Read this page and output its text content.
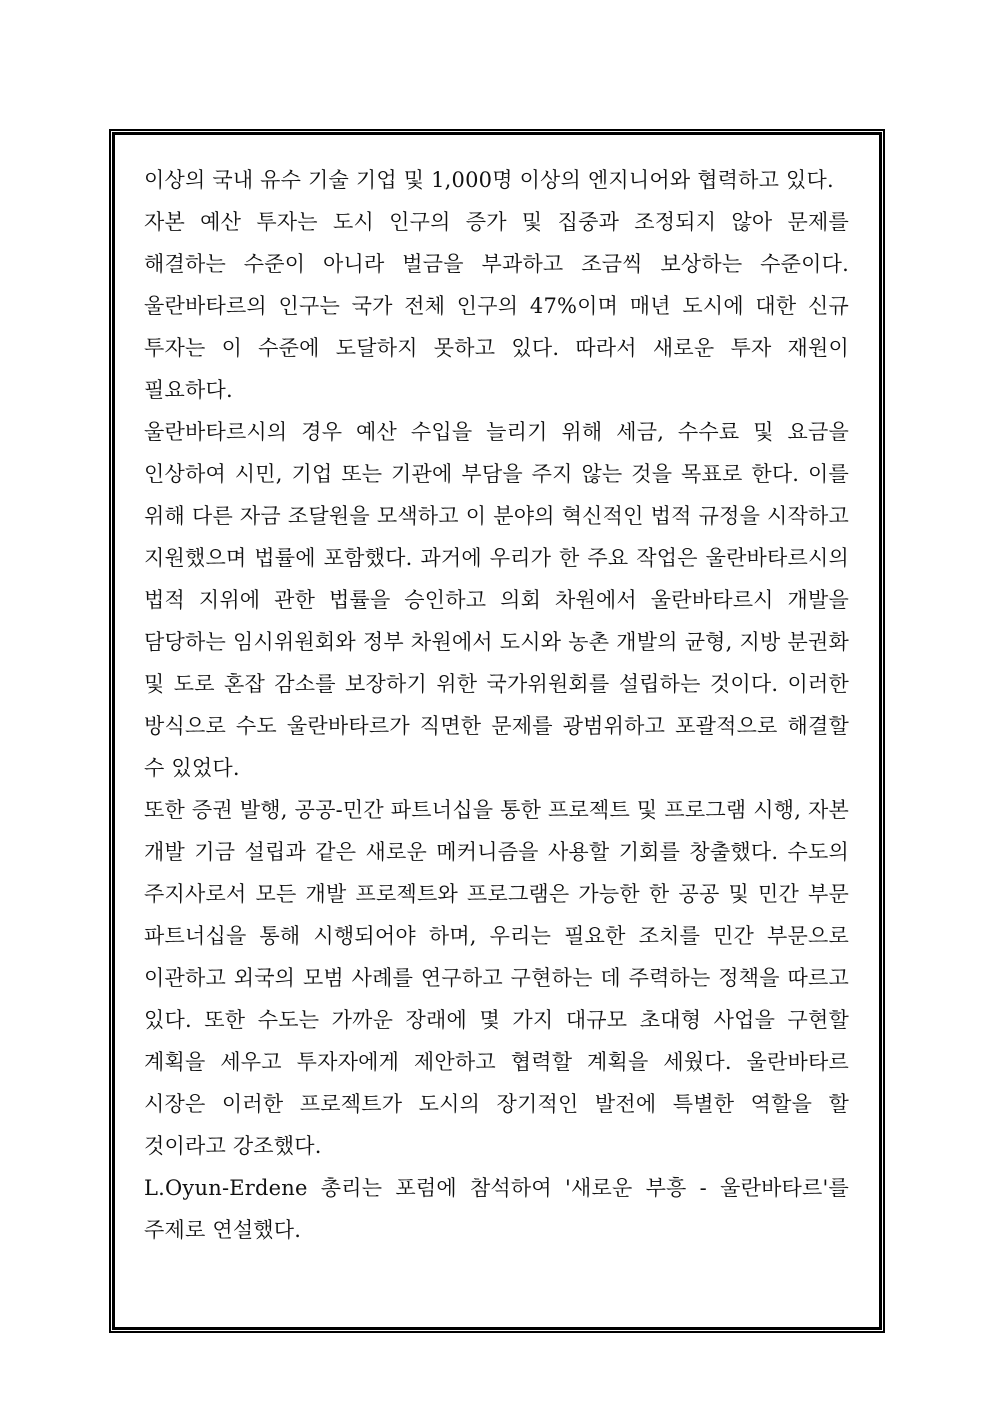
이상의 국내 유수 기술 기업 및 1,000명 이상의 엔지니어와 협력하고 있다.

자본 예산 투자는 도시 인구의 증가 및 집중과 조정되지 않아 문제를 해결하는 수준이 아니라 벌금을 부과하고 조금씩 보상하는 수준이다. 울란바타르의 인구는 국가 전체 인구의 47%이며 매년 도시에 대한 신규 투자는 이 수준에 도달하지 못하고 있다. 따라서 새로운 투자 재원이 필요하다.

울란바타르시의 경우 예산 수입을 늘리기 위해 세금, 수수료 및 요금을 인상하여 시민, 기업 또는 기관에 부담을 주지 않는 것을 목표로 한다. 이를 위해 다른 자금 조달원을 모색하고 이 분야의 혁신적인 법적 규정을 시작하고 지원했으며 법률에 포함했다. 과거에 우리가 한 주요 작업은 울란바타르시의 법적 지위에 관한 법률을 승인하고 의회 차원에서 울란바타르시 개발을 담당하는 임시위원회와 정부 차원에서 도시와 농촌 개발의 균형, 지방 분권화 및 도로 혼잡 감소를 보장하기 위한 국가위원회를 설립하는 것이다. 이러한 방식으로 수도 울란바타르가 직면한 문제를 광범위하고 포괄적으로 해결할 수 있었다.

또한 증권 발행, 공공-민간 파트너십을 통한 프로젝트 및 프로그램 시행, 자본 개발 기금 설립과 같은 새로운 메커니즘을 사용할 기회를 창출했다. 수도의 주지사로서 모든 개발 프로젝트와 프로그램은 가능한 한 공공 및 민간 부문 파트너십을 통해 시행되어야 하며, 우리는 필요한 조치를 민간 부문으로 이관하고 외국의 모범 사례를 연구하고 구현하는 데 주력하는 정책을 따르고 있다. 또한 수도는 가까운 장래에 몇 가지 대규모 초대형 사업을 구현할 계획을 세우고 투자자에게 제안하고 협력할 계획을 세웠다. 울란바타르 시장은 이러한 프로젝트가 도시의 장기적인 발전에 특별한 역할을 할 것이라고 강조했다.

L.Oyun-Erdene 총리는 포럼에 참석하여 '새로운 부흥 - 울란바타르'를 주제로 연설했다.
